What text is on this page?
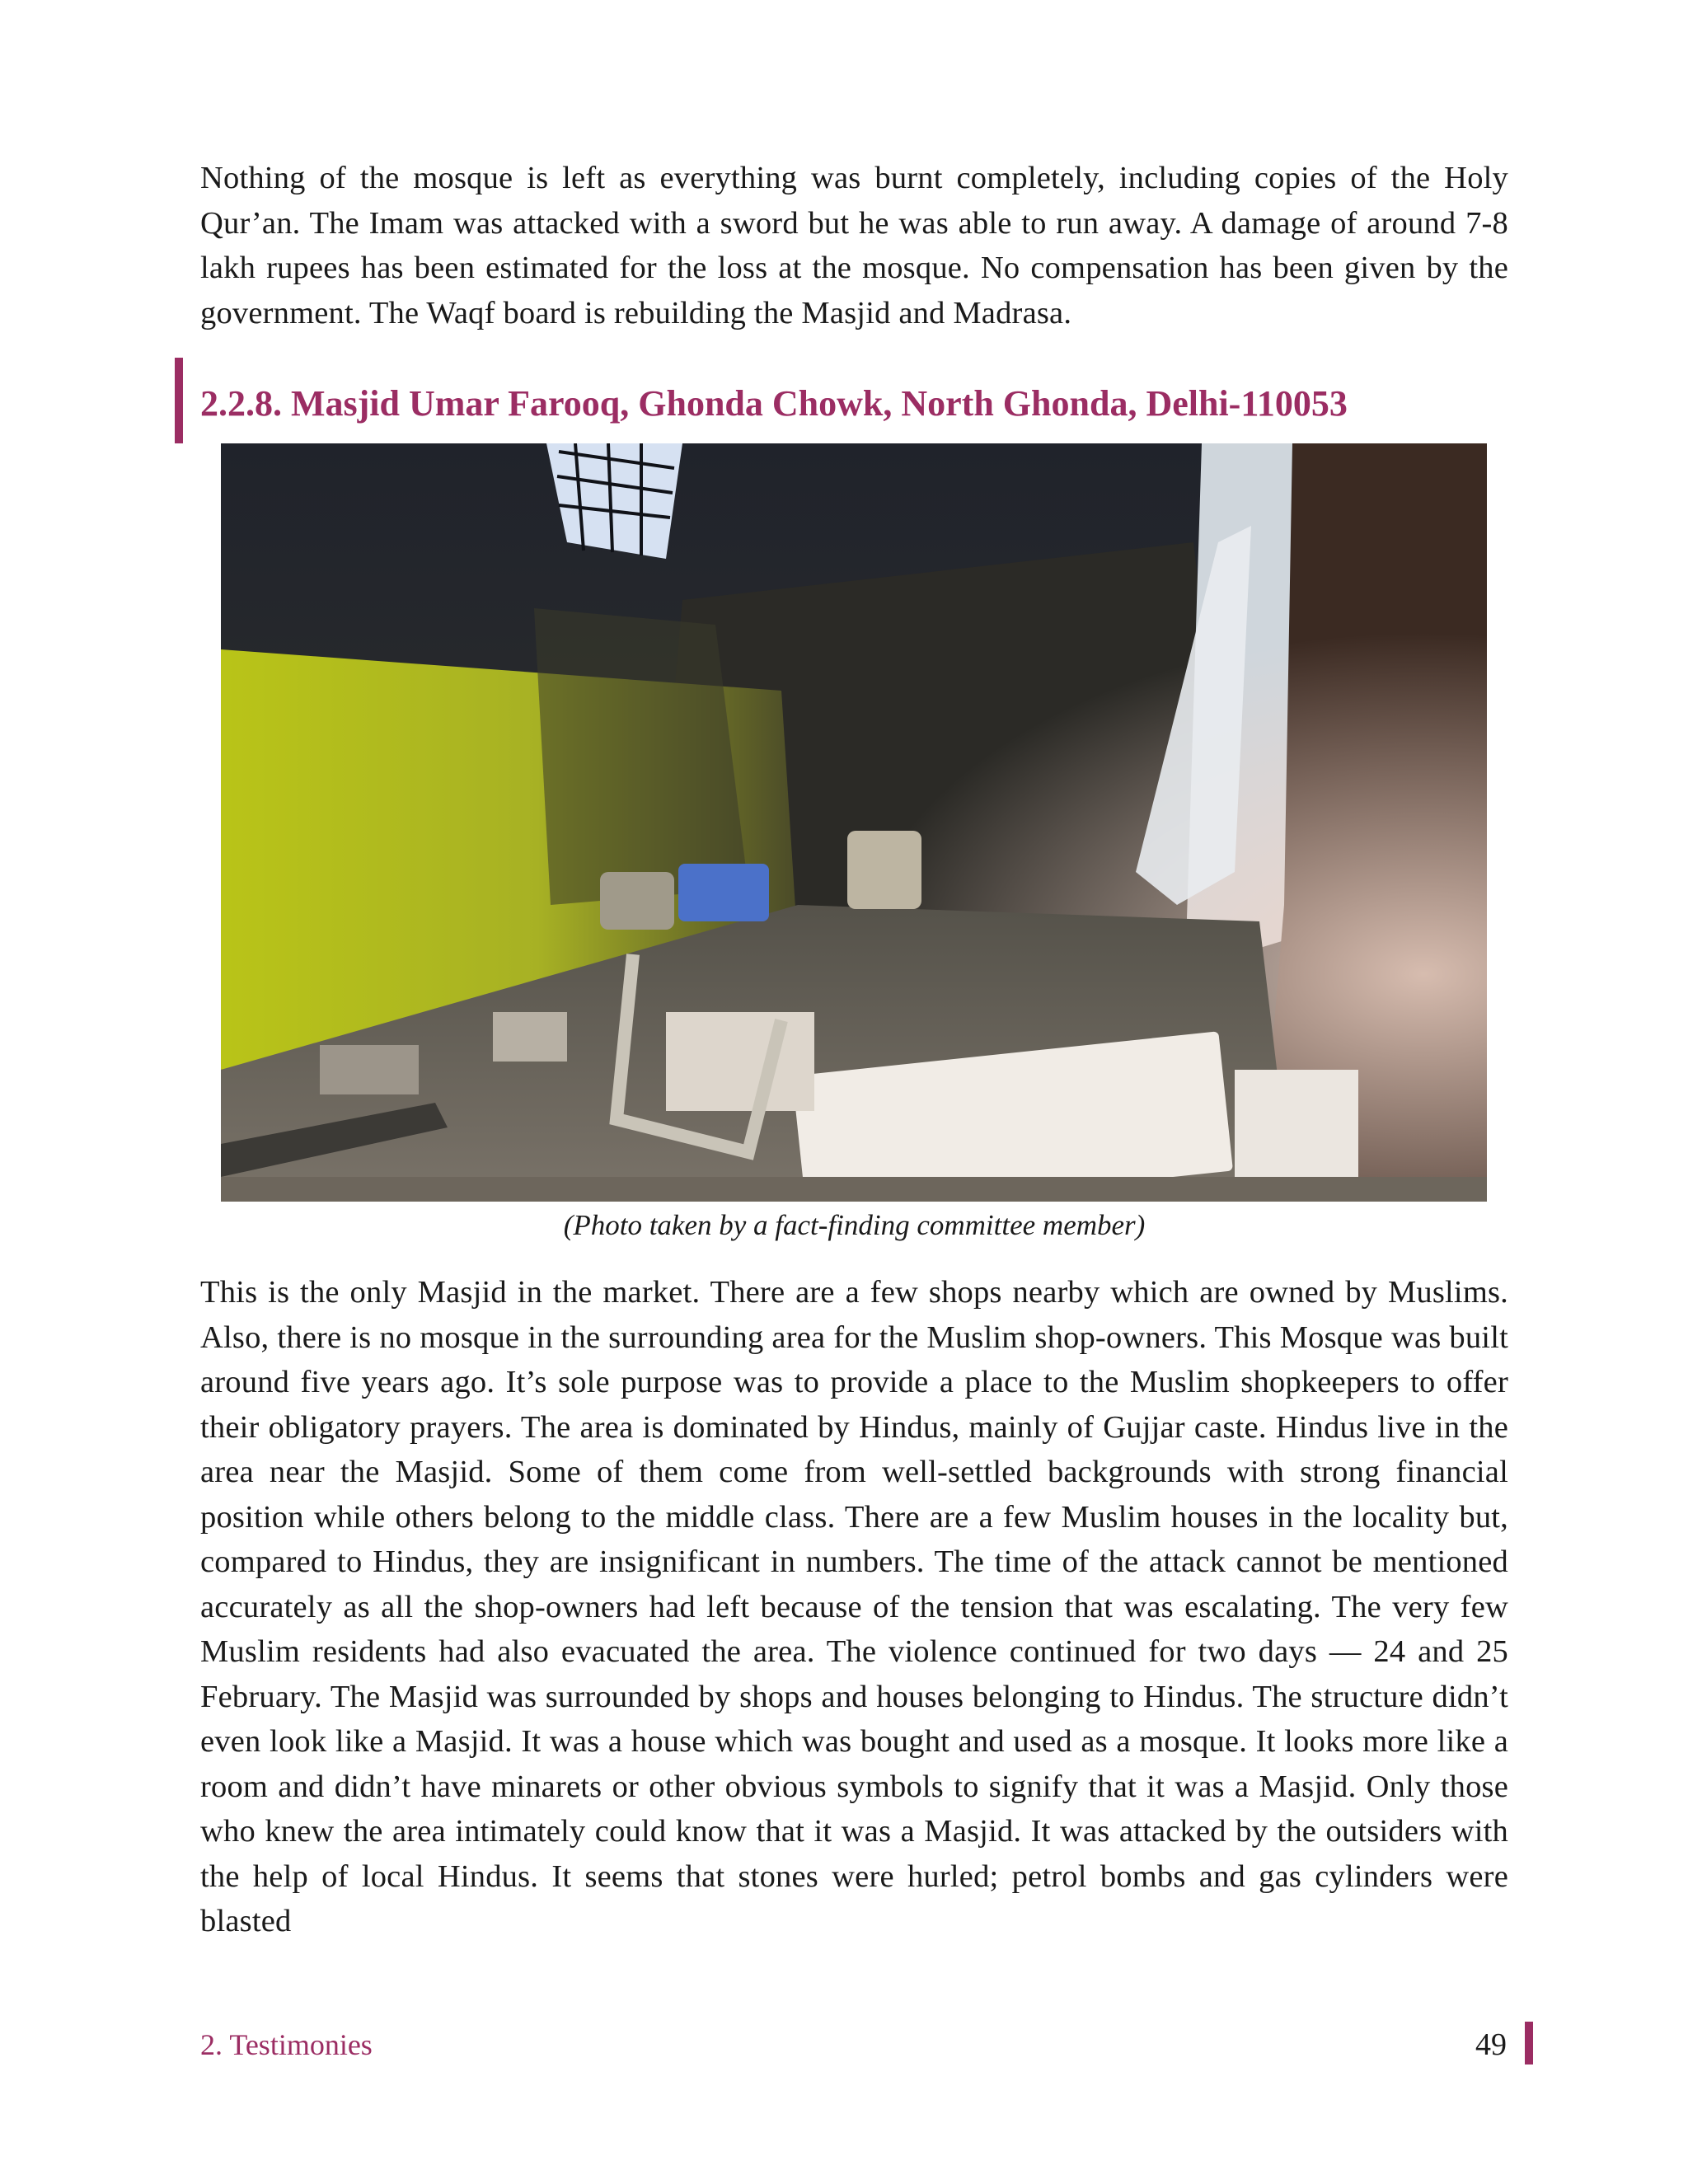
Nothing of the mosque is left as everything was burnt completely, including copies of the Holy Qur’an. The Imam was attacked with a sword but he was able to run away. A damage of around 7-8 lakh rupees has been estimated for the loss at the mosque. No compensation has been given by the government. The Waqf board is rebuilding the Masjid and Madrasa.

2.2.8. Masjid Umar Farooq, Ghonda Chowk, North Ghonda, Delhi-110053

(Photo taken by a fact-finding committee member)

This is the only Masjid in the market. There are a few shops nearby which are owned by Muslims. Also, there is no mosque in the surrounding area for the Muslim shop-owners. This Mosque was built around five years ago. It’s sole purpose was to provide a place to the Muslim shopkeepers to offer their obligatory prayers. The area is dominated by Hindus, mainly of Gujjar caste. Hindus live in the area near the Masjid. Some of them come from well-settled backgrounds with strong financial position while others belong to the middle class. There are a few Muslim houses in the locality but, compared to Hindus, they are insignificant in numbers. The time of the attack cannot be mentioned accurately as all the shop-owners had left because of the tension that was escalating. The very few Muslim residents had also evacuated the area. The violence continued for two days — 24 and 25 February. The Masjid was surrounded by shops and houses belonging to Hindus. The structure didn’t even look like a Masjid. It was a house which was bought and used as a mosque. It looks more like a room and didn’t have minarets or other obvious symbols to signify that it was a Masjid. Only those who knew the area intimately could know that it was a Masjid. It was attacked by the outsiders with the help of local Hindus. It seems that stones were hurled; petrol bombs and gas cylinders were blasted

2. Testimonies	49
